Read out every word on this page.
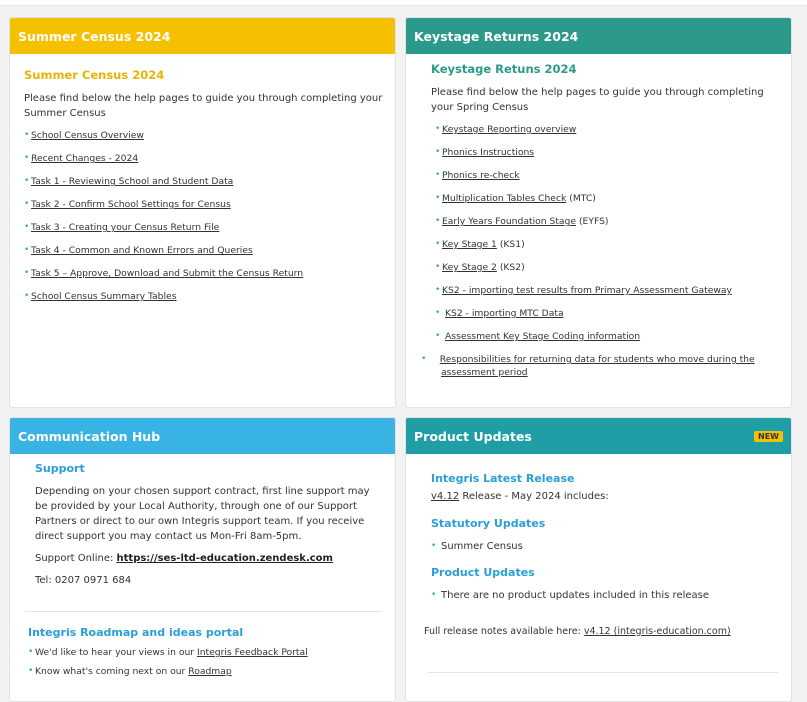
Summer Census 2024

Summer Census 2024

Please find below the help pages to guide you through completing your Summer Census

• School Census Overview
• Recent Changes - 2024
• Task 1 - Reviewing School and Student Data
• Task 2 - Confirm School Settings for Census
• Task 3 - Creating your Census Return File
• Task 4 - Common and Known Errors and Queries
• Task 5 – Approve, Download and Submit the Census Return
• School Census Summary Tables
Keystage Returns 2024

Keystage Retuns 2024

Please find below the help pages to guide you through completing your Spring Census

• Keystage Reporting overview
• Phonics Instructions
• Phonics re-check
• Multiplication Tables Check (MTC)
• Early Years Foundation Stage (EYFS)
• Key Stage 1 (KS1)
• Key Stage 2 (KS2)
• KS2 - importing test results from Primary Assessment Gateway
• KS2 - importing MTC Data
• Assessment Key Stage Coding information
• Responsibilities for returning data for students who move during the assessment period
Communication Hub

Support

Depending on your chosen support contract, first line support may be provided by your Local Authority, through one of our Support Partners or direct to our own Integris support team. If you receive direct support you may contact us Mon-Fri 8am-5pm.

Support Online: https://ses-ltd-education.zendesk.com

Tel: 0207 0971 684

Integris Roadmap and ideas portal

• We'd like to hear your views in our Integris Feedback Portal
• Know what's coming next on our Roadmap
Product Updates	NEW

Integris Latest Release

v4.12 Release - May 2024 includes:

Statutory Updates

• Summer Census

Product Updates

• There are no product updates included in this release
Full release notes available here: v4.12 (integris-education.com)
